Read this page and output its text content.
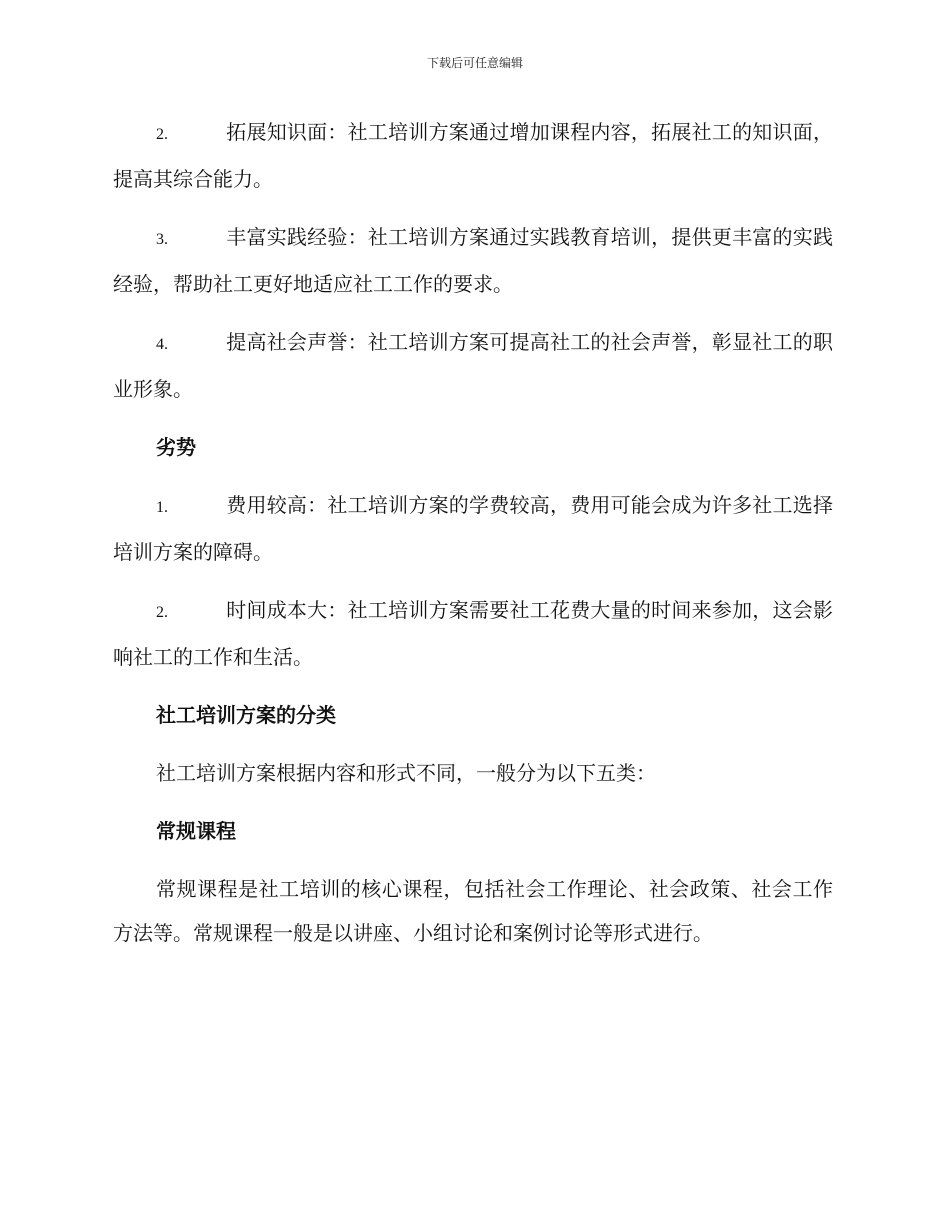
下载后可任意编辑

2.	拓展知识面：社工培训方案通过增加课程内容，拓展社工的知识面，提高其综合能力。

3.	丰富实践经验：社工培训方案通过实践教育培训，提供更丰富的实践经验，帮助社工更好地适应社工工作的要求。

4.	提高社会声誉：社工培训方案可提高社工的社会声誉，彰显社工的职业形象。

劣势

1.	费用较高：社工培训方案的学费较高，费用可能会成为许多社工选择培训方案的障碍。

2.	时间成本大：社工培训方案需要社工花费大量的时间来参加，这会影响社工的工作和生活。

社工培训方案的分类

社工培训方案根据内容和形式不同，一般分为以下五类：

常规课程

常规课程是社工培训的核心课程，包括社会工作理论、社会政策、社会工作方法等。常规课程一般是以讲座、小组讨论和案例讨论等形式进行。
